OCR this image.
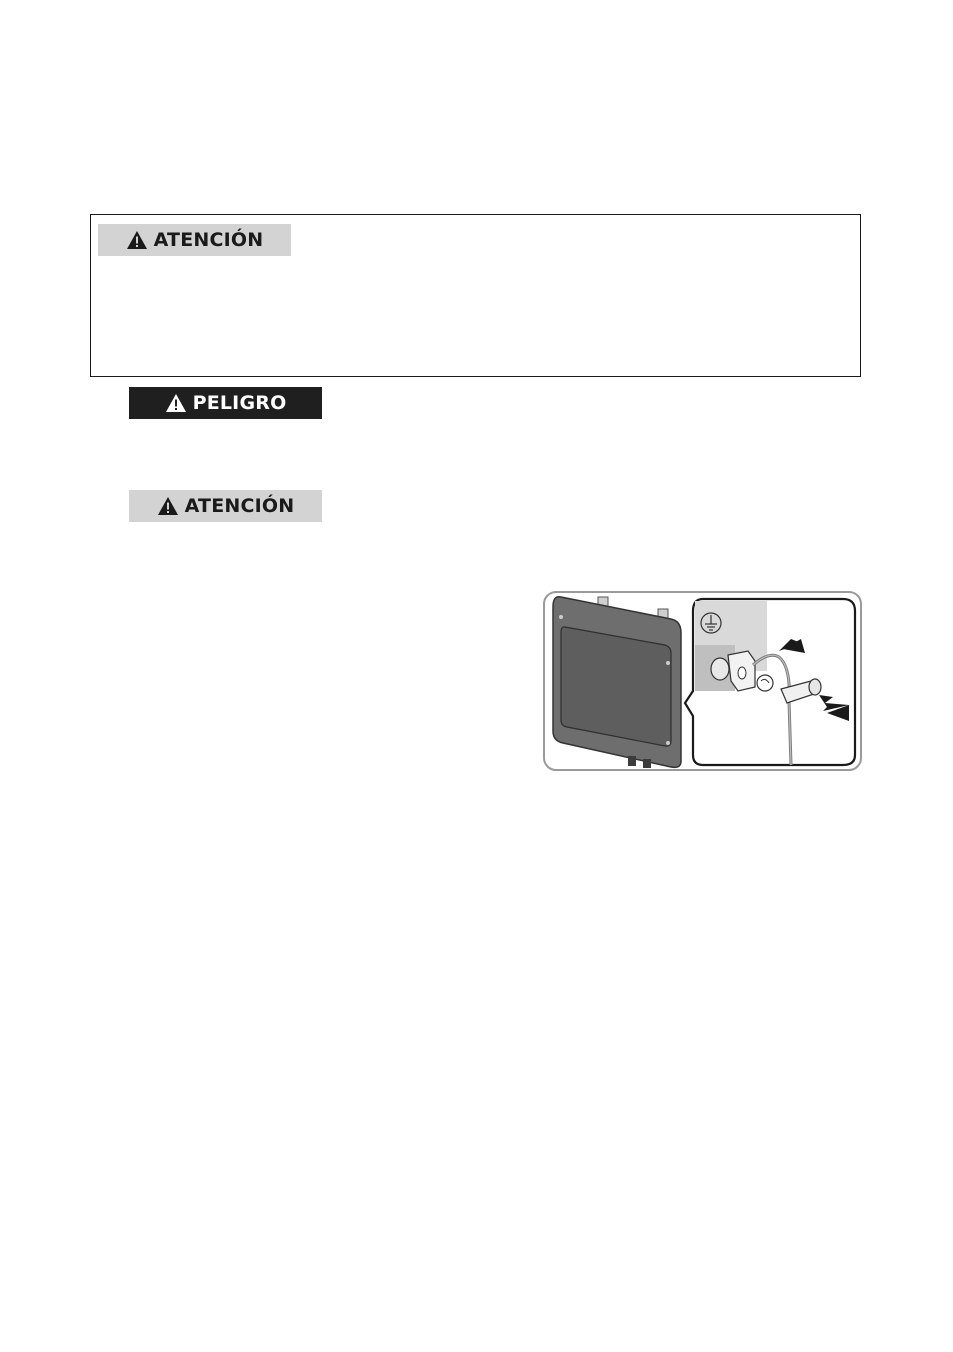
ATENCIÓN
PELIGRO
ATENCIÓN
